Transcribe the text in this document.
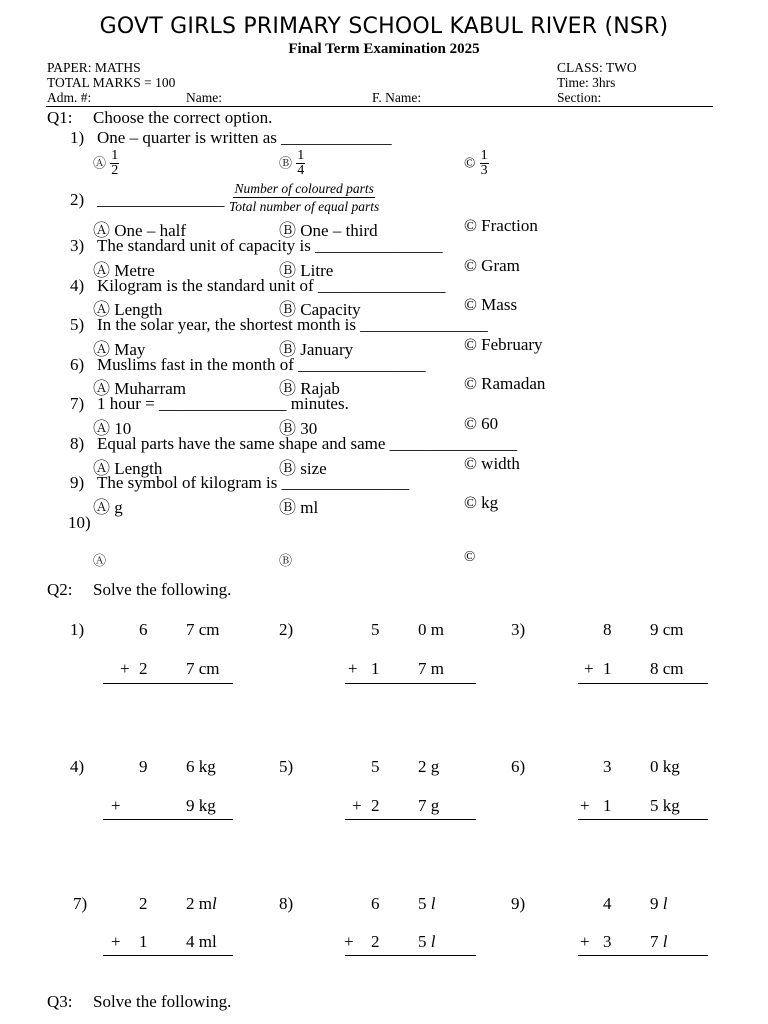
GOVT GIRLS PRIMARY SCHOOL KABUL RIVER (NSR)
Final Term Examination 2025
PAPER: MATHS
TOTAL MARKS = 100
CLASS: TWO
Time: 3hrs
Adm. #:	Name:	F. Name:	Section:
Q1: Choose the correct option.
1) One – quarter is written as _____________
Ⓐ $\frac{1}{2}$	Ⓑ $\frac{1}{4}$	© $\frac{1}{3}$
2) _______________ $\frac{\text{Number of coloured parts}}{\text{Total number of equal parts}}$
Ⓐ One – half	Ⓑ One – third	© Fraction
3) The standard unit of capacity is _______________
Ⓐ Metre	Ⓑ Litre	© Gram
4) Kilogram is the standard unit of _______________
Ⓐ Length	Ⓑ Capacity	© Mass
5) In the solar year, the shortest month is _______________
Ⓐ May	Ⓑ January	© February
6) Muslims fast in the month of _______________
Ⓐ Muharram	Ⓑ Rajab	© Ramadan
7) 1 hour = _______________ minutes.
Ⓐ 10	Ⓑ 30	© 60
8) Equal parts have the same shape and same _______________
Ⓐ Length	Ⓑ size	© width
9) The symbol of kilogram is _______________
Ⓐ g	Ⓑ ml	© kg
10)
Ⓐ	Ⓑ	©
Q2: Solve the following.
1)	6 7 cm
+ 2 7 cm
2)	5 0 m
+ 1 7 m
3)	8 9 cm
+ 1 8 cm
4)	9 6 kg
+	9 kg
5)	5 2 g
+ 2 7 g
6)	3 0 kg
+ 1 5 kg
7)	2 2 ml
+ 1 4 ml
8)	6 5 l
+ 2 5 l
9)	4 9 l
+ 3 7 l
Q3: Solve the following.
